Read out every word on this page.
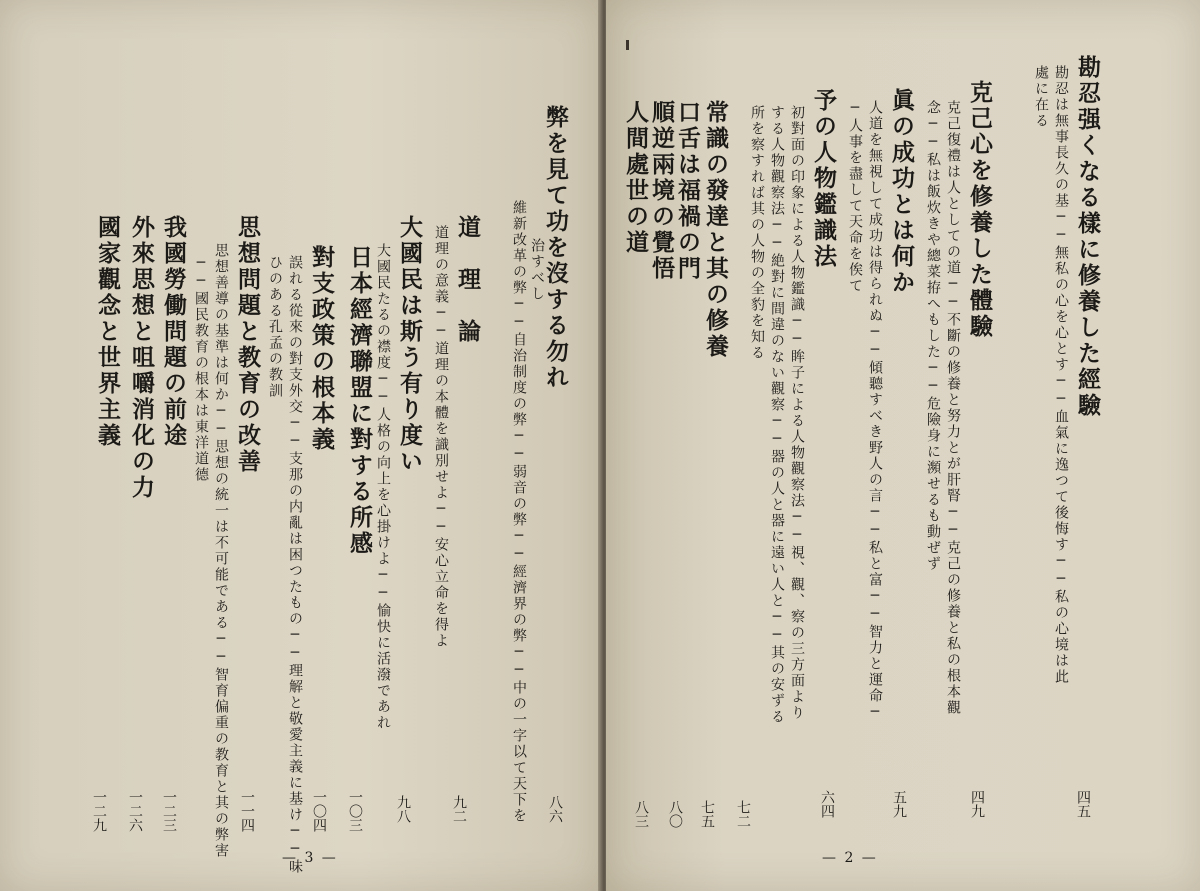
治すべし
維新改革の弊──自治制度の弊──弱音の弊──經濟界の弊──中の一字以て天下を 弊を見て功を沒する勿れ
八六
道　理　論
道理の意義──道理の本體を識別せよ──安心立命を得よ
九二
大國民は斯う有り度い
大國民たるの襟度──人格の向上を心掛けよ──愉快に活潑であれ
九八
日本經濟聯盟に對する所感
一〇三
對支政策の根本義
誤れる從來の對支外交──支那の内亂は困つたもの──理解と敬愛主義に基け──味
ひのある孔孟の教訓
一〇四
思想問題と教育の改善
思想善導の基準は何か──思想の統一は不可能である──智育偏重の教育と其の弊害
──國民教育の根本は東洋道德
一一四
我國勞働問題の前途
一二三
外來思想と咀嚼消化の力
一二六
國家觀念と世界主義
一二九
— 3 —
勘忍强くなる樣に修養した經驗
勘忍は無事長久の基──無私の心を心とす──血氣に逸つて後悔す──私の心境は此
處に在る
四五
克己心を修養した體驗
克己復禮は人としての道──不斷の修養と努力とが肝腎──克己の修養と私の根本觀
念──私は飯炊きや總菜拵へもした──危險身に瀕せるも動ぜず
四九
眞の成功とは何か
人道を無視して成功は得られぬ──傾聽すべき野人の言──私と富──智力と運命─
─人事を盡して天命を俟て
五九
予の人物鑑識法
初對面の印象による人物鑑識──眸子による人物觀察法──視、觀、察の三方面より
する人物觀察法──絶對に間違のない觀察──器の人と器に遠い人と──其の安ずる
所を察すれば其の人物の全豹を知る
六四
常識の發達と其の修養
七二
口舌は福禍の門
七五
順逆兩境の覺悟
八〇
人間處世の道
八三
— 2 —
